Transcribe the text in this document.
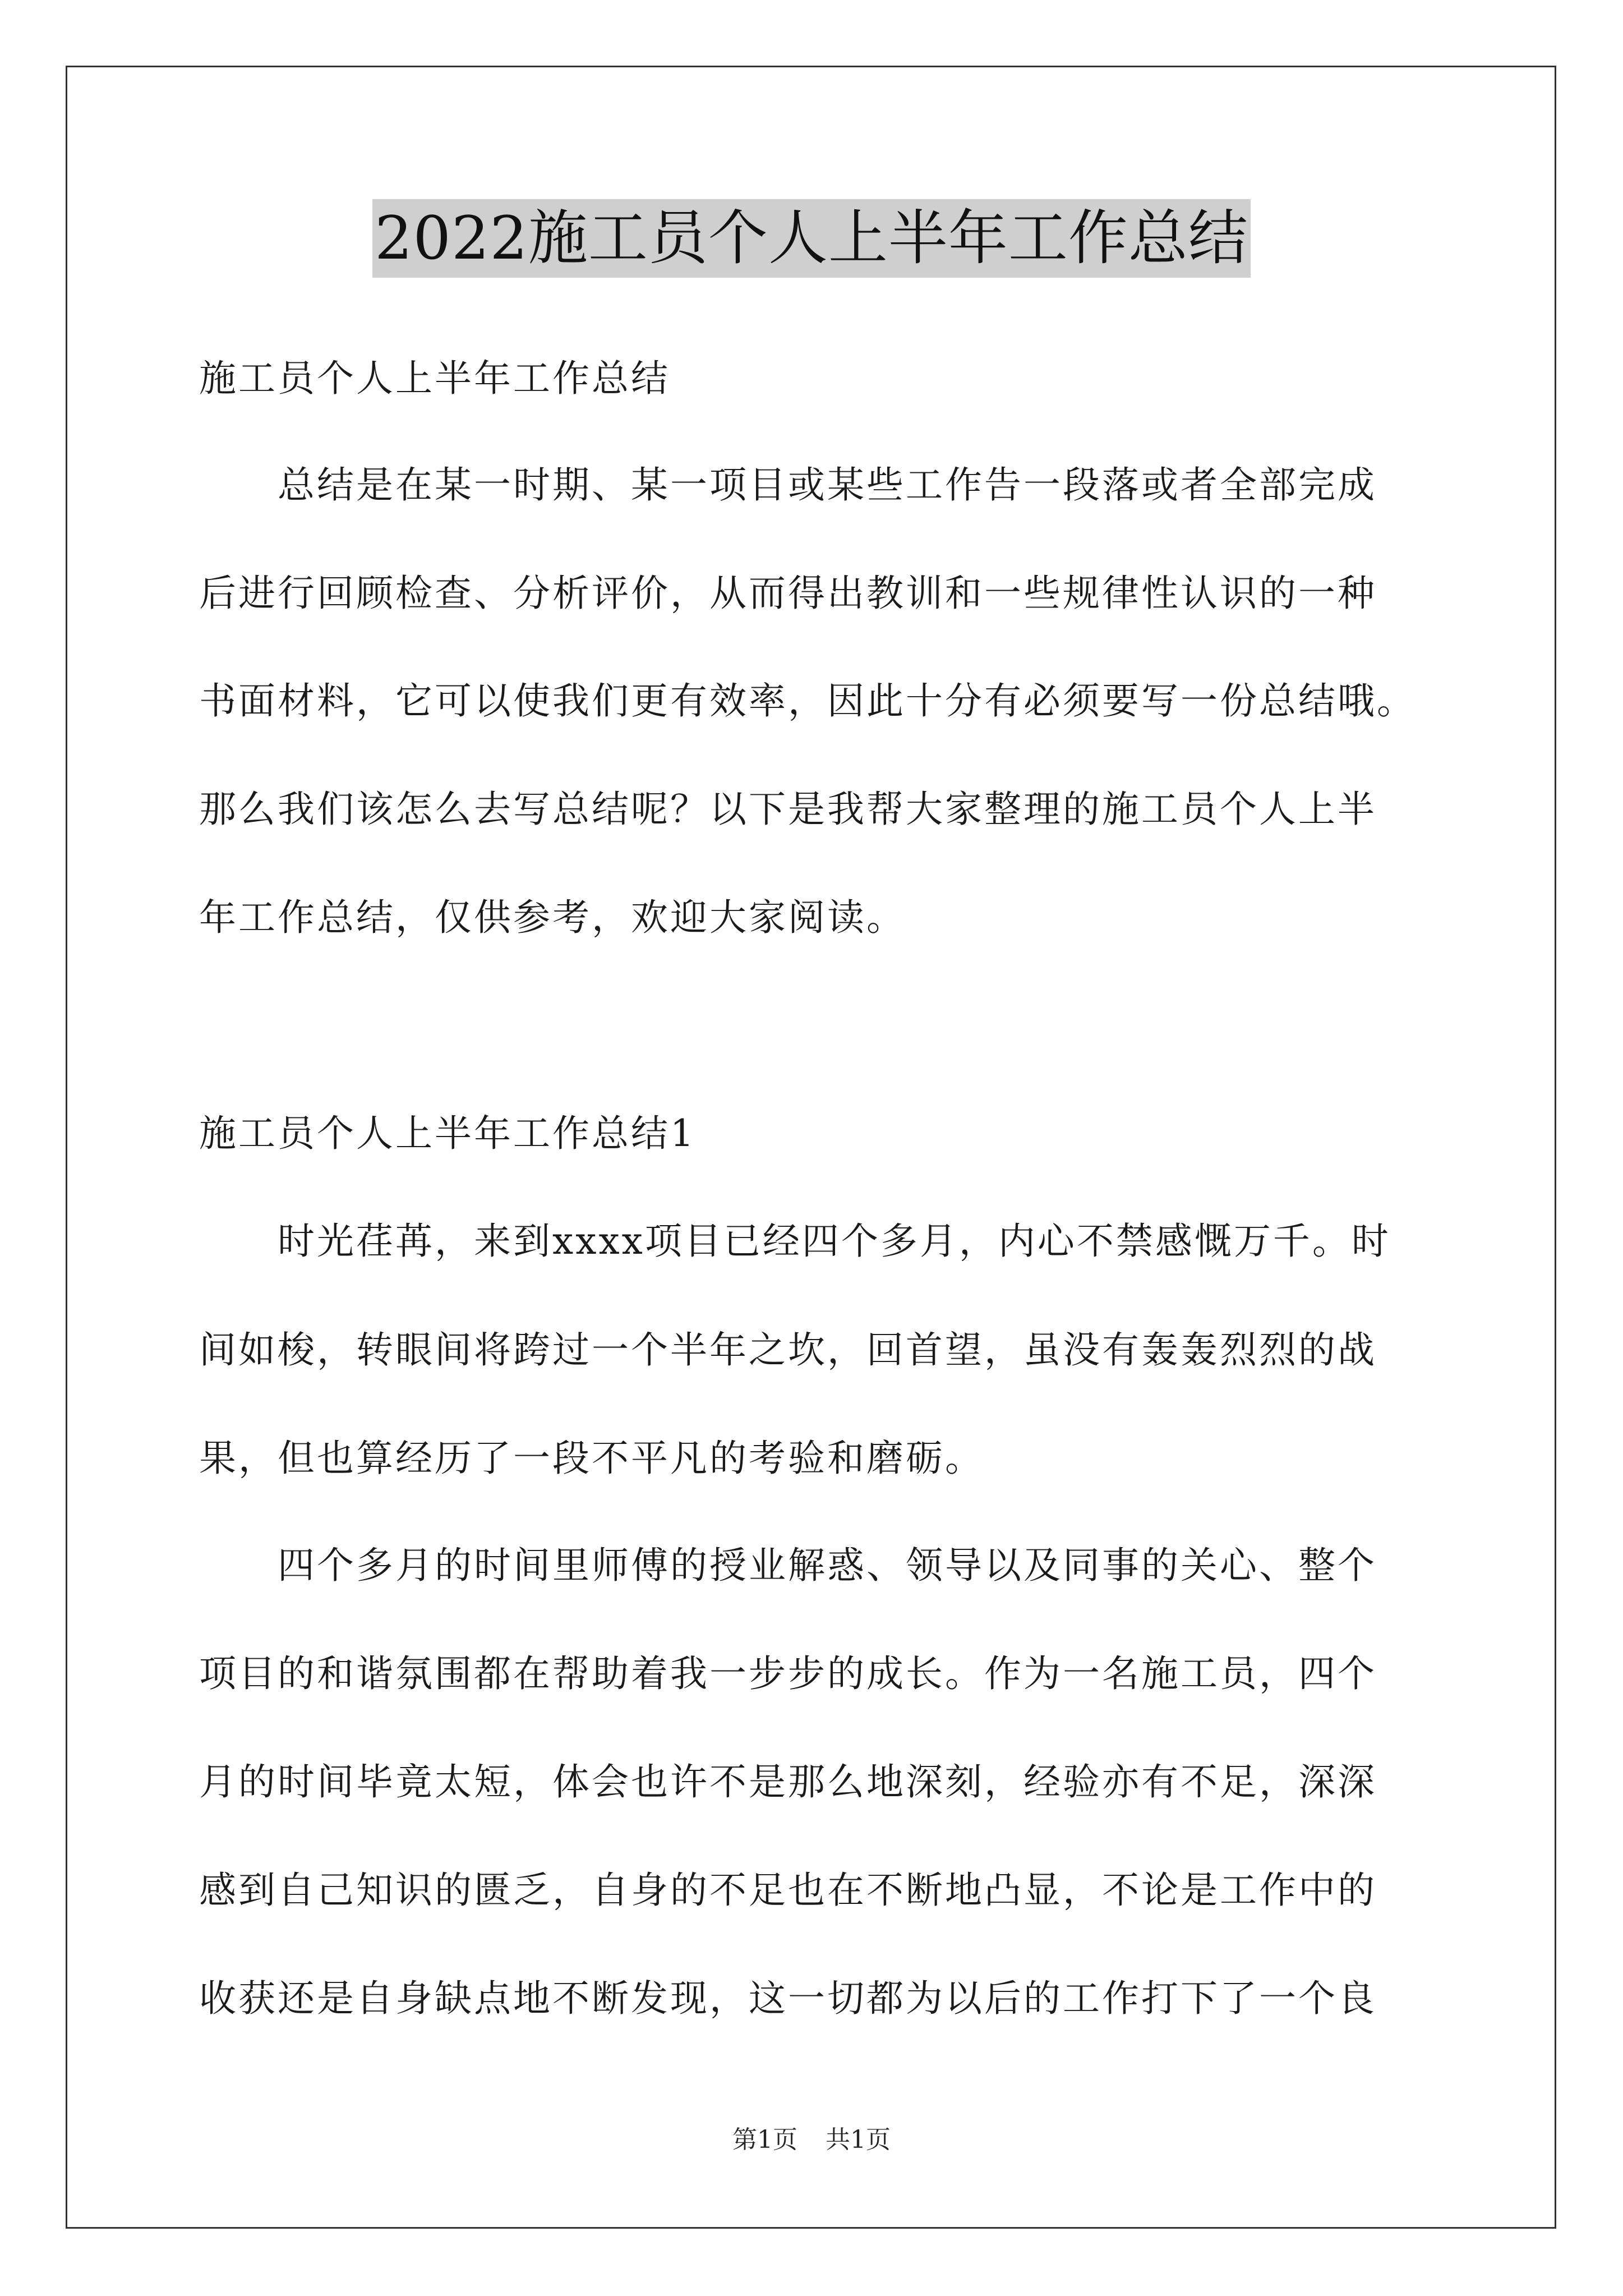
2022施工员个人上半年工作总结
施工员个人上半年工作总结
　　总结是在某一时期、某一项目或某些工作告一段落或者全部完成
后进行回顾检查、分析评价，从而得出教训和一些规律性认识的一种
书面材料，它可以使我们更有效率，因此十分有必须要写一份总结哦。
那么我们该怎么去写总结呢？以下是我帮大家整理的施工员个人上半
年工作总结，仅供参考，欢迎大家阅读。
施工员个人上半年工作总结1
　　时光荏苒，来到xxxx项目已经四个多月，内心不禁感慨万千。时
间如梭，转眼间将跨过一个半年之坎，回首望，虽没有轰轰烈烈的战
果，但也算经历了一段不平凡的考验和磨砺。
　　四个多月的时间里师傅的授业解惑、领导以及同事的关心、整个
项目的和谐氛围都在帮助着我一步步的成长。作为一名施工员，四个
月的时间毕竟太短，体会也许不是那么地深刻，经验亦有不足，深深
感到自己知识的匮乏，自身的不足也在不断地凸显，不论是工作中的
收获还是自身缺点地不断发现，这一切都为以后的工作打下了一个良
第1页 共1页
